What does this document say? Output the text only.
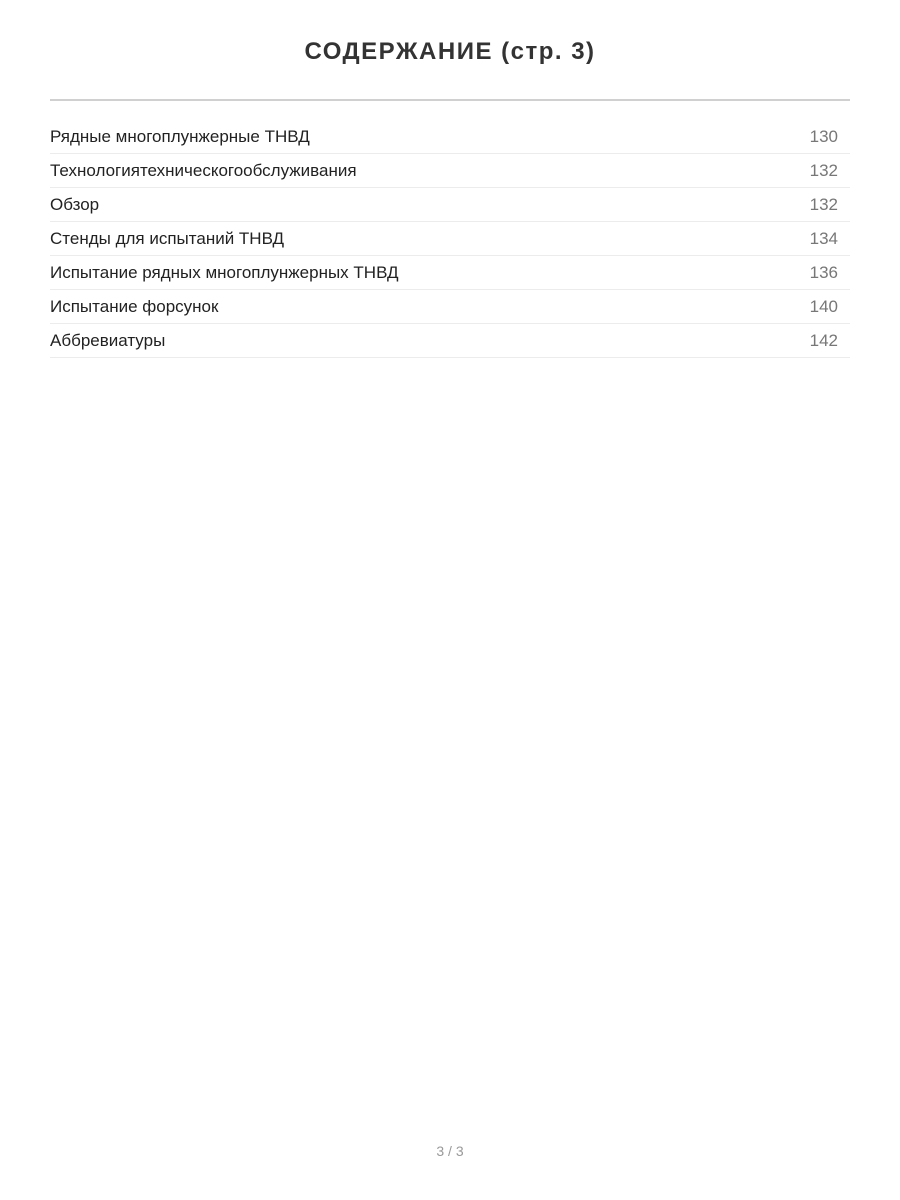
СОДЕРЖАНИЕ (стр. 3)
Рядные многоплунжерные ТНВД	130
Технологиятехническогообслуживания	132
Обзор	132
Стенды для испытаний ТНВД	134
Испытание рядных многоплунжерных ТНВД	136
Испытание форсунок	140
Аббревиатуры	142
3 / 3
